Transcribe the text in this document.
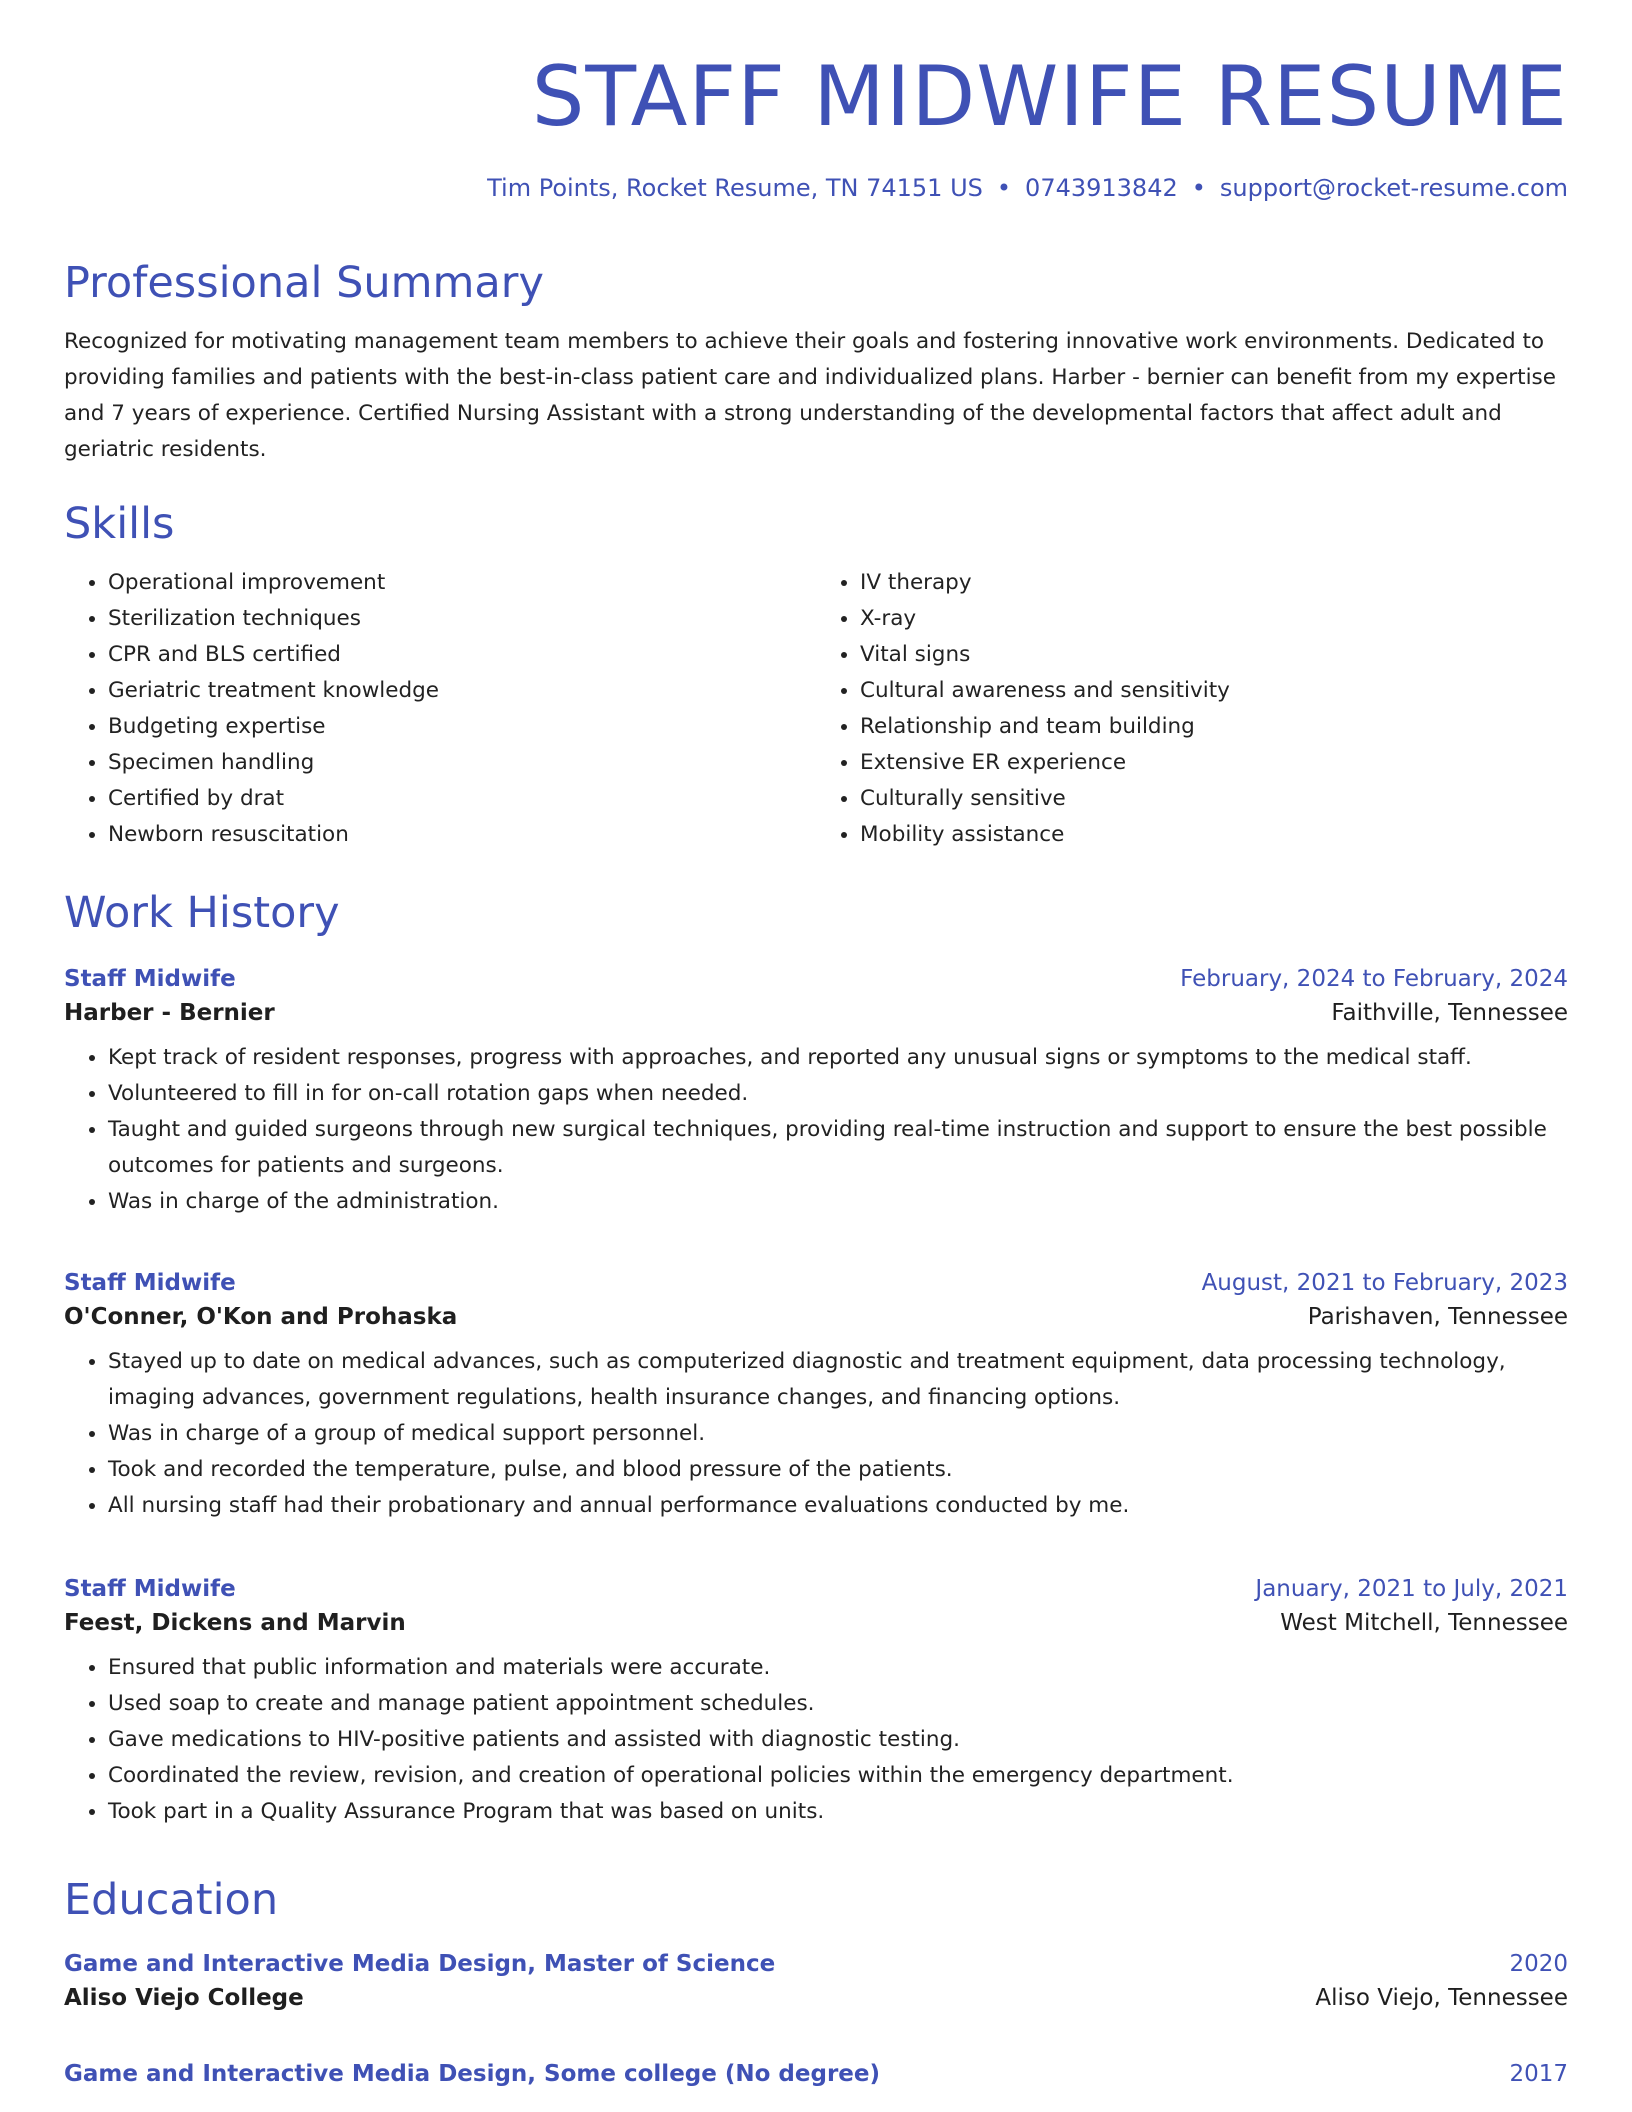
STAFF MIDWIFE RESUME
Tim Points, Rocket Resume, TN 74151 US • 0743913842 • support@rocket-resume.com
Professional Summary
Recognized for motivating management team members to achieve their goals and fostering innovative work environments. Dedicated to providing families and patients with the best-in-class patient care and individualized plans. Harber - bernier can benefit from my expertise and 7 years of experience. Certified Nursing Assistant with a strong understanding of the developmental factors that affect adult and geriatric residents.
Skills
• Operational improvement
• Sterilization techniques
• CPR and BLS certified
• Geriatric treatment knowledge
• Budgeting expertise
• Specimen handling
• Certified by drat
• Newborn resuscitation
• IV therapy
• X-ray
• Vital signs
• Cultural awareness and sensitivity
• Relationship and team building
• Extensive ER experience
• Culturally sensitive
• Mobility assistance
Work History
Staff Midwife	February, 2024 to February, 2024
Harber - Bernier	Faithville, Tennessee
• Kept track of resident responses, progress with approaches, and reported any unusual signs or symptoms to the medical staff.
• Volunteered to fill in for on-call rotation gaps when needed.
• Taught and guided surgeons through new surgical techniques, providing real-time instruction and support to ensure the best possible outcomes for patients and surgeons.
• Was in charge of the administration.
Staff Midwife	August, 2021 to February, 2023
O'Conner, O'Kon and Prohaska	Parishaven, Tennessee
• Stayed up to date on medical advances, such as computerized diagnostic and treatment equipment, data processing technology, imaging advances, government regulations, health insurance changes, and financing options.
• Was in charge of a group of medical support personnel.
• Took and recorded the temperature, pulse, and blood pressure of the patients.
• All nursing staff had their probationary and annual performance evaluations conducted by me.
Staff Midwife	January, 2021 to July, 2021
Feest, Dickens and Marvin	West Mitchell, Tennessee
• Ensured that public information and materials were accurate.
• Used soap to create and manage patient appointment schedules.
• Gave medications to HIV-positive patients and assisted with diagnostic testing.
• Coordinated the review, revision, and creation of operational policies within the emergency department.
• Took part in a Quality Assurance Program that was based on units.
Education
Game and Interactive Media Design, Master of Science	2020
Aliso Viejo College	Aliso Viejo, Tennessee
Game and Interactive Media Design, Some college (No degree)	2017
